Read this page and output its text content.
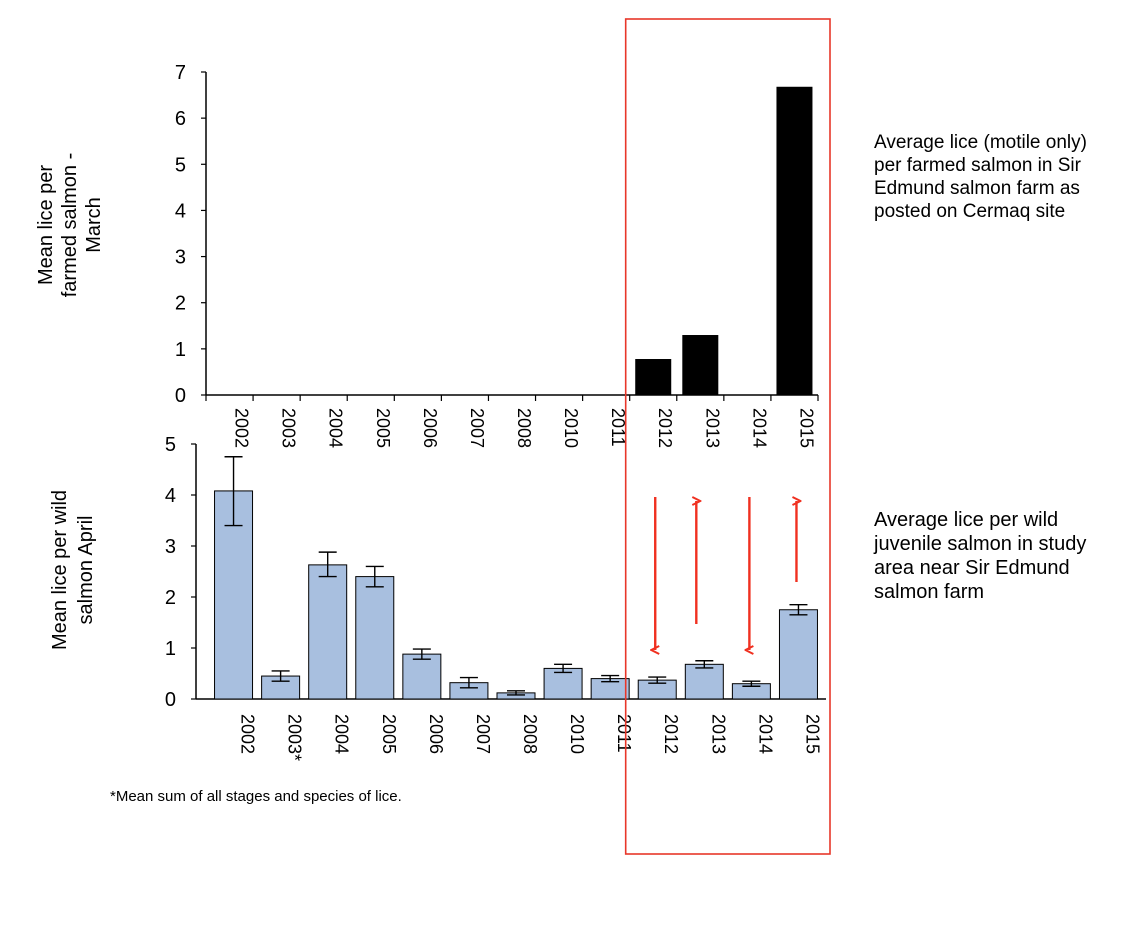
0
1
2
3
4
5
6
7
2002 2003 2004 2005 2006 2007 2008 2010 2011 2012 2013 2014 2015
Mean lice per farmed salmon - March
0
1
2
3
4
5
2002 2003* 2004 2005 2006 2007 2008 2010 2011 2012 2013 2014 2015
Mean lice per wild salmon April
Average lice (motile only) per farmed salmon in Sir Edmund salmon farm as posted on Cermaq site
Average lice per wild juvenile salmon in study area near Sir Edmund salmon farm
*Mean sum of all stages and species of lice.
